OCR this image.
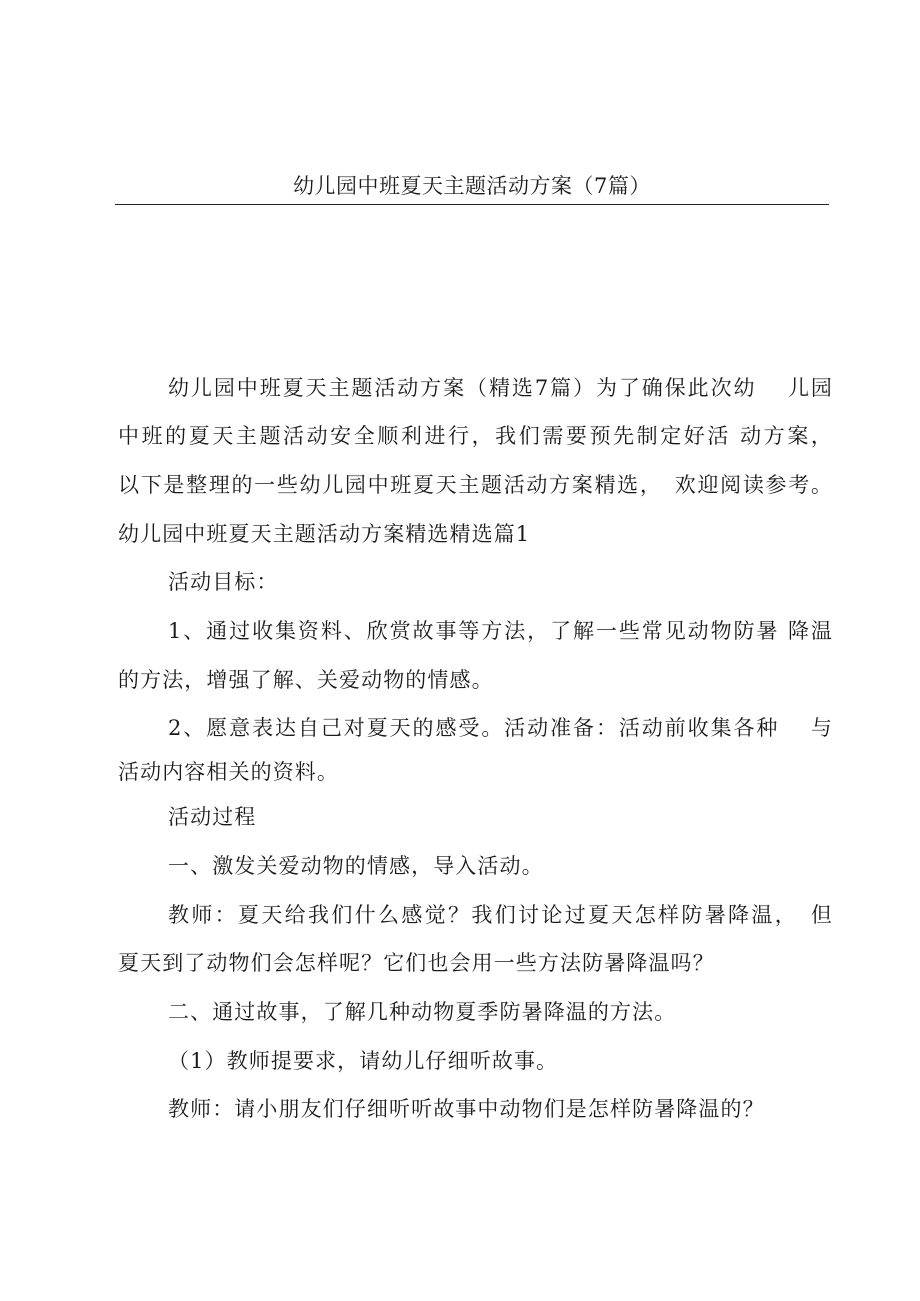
幼儿园中班夏天主题活动方案（7篇）
幼儿园中班夏天主题活动方案（精选7篇）为了确保此次幼　 儿园
中班的夏天主题活动安全顺利进行，我们需要预先制定好活 动方案，
以下是整理的一些幼儿园中班夏天主题活动方案精选，　欢迎阅读参考。
幼儿园中班夏天主题活动方案精选精选篇1
活动目标：
1、通过收集资料、欣赏故事等方法，了解一些常见动物防暑 降温
的方法，增强了解、关爱动物的情感。
2、愿意表达自己对夏天的感受。活动准备：活动前收集各种　 与
活动内容相关的资料。
活动过程
一、激发关爱动物的情感，导入活动。
教师：夏天给我们什么感觉？我们讨论过夏天怎样防暑降温，　但
夏天到了动物们会怎样呢？它们也会用一些方法防暑降温吗？
二、通过故事，了解几种动物夏季防暑降温的方法。
（1）教师提要求，请幼儿仔细听故事。
教师：请小朋友们仔细听听故事中动物们是怎样防暑降温的？
